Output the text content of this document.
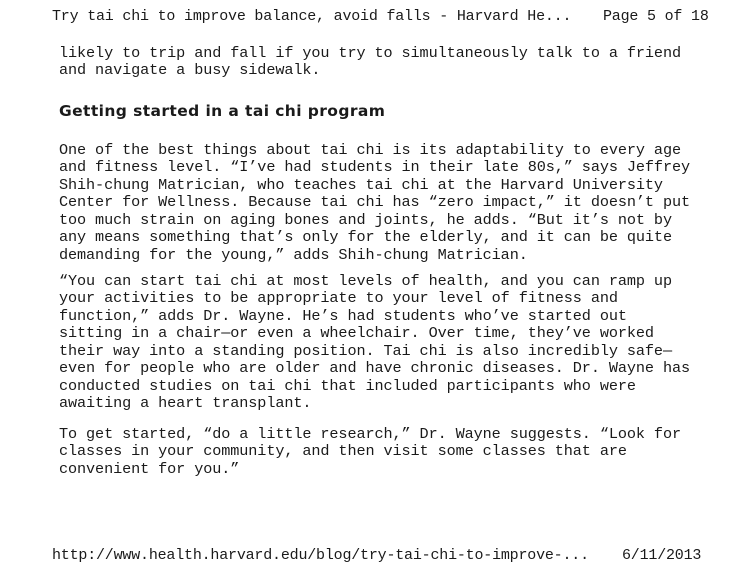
Try tai chi to improve balance, avoid falls - Harvard He... Page 5 of 18
likely to trip and fall if you try to simultaneously talk to a friend
and navigate a busy sidewalk.
Getting started in a tai chi program
One of the best things about tai chi is its adaptability to every age
and fitness level. “I’ve had students in their late 80s,” says Jeffrey
Shih-chung Matrician, who teaches tai chi at the Harvard University
Center for Wellness. Because tai chi has “zero impact,” it doesn’t put
too much strain on aging bones and joints, he adds. “But it’s not by
any means something that’s only for the elderly, and it can be quite
demanding for the young,” adds Shih-chung Matrician.
“You can start tai chi at most levels of health, and you can ramp up
your activities to be appropriate to your level of fitness and
function,” adds Dr. Wayne. He’s had students who’ve started out
sitting in a chair—or even a wheelchair. Over time, they’ve worked
their way into a standing position. Tai chi is also incredibly safe—
even for people who are older and have chronic diseases. Dr. Wayne has
conducted studies on tai chi that included participants who were
awaiting a heart transplant.
To get started, “do a little research,” Dr. Wayne suggests. “Look for
classes in your community, and then visit some classes that are
convenient for you.”
http://www.health.harvard.edu/blog/try-tai-chi-to-improve-... 6/11/2013
